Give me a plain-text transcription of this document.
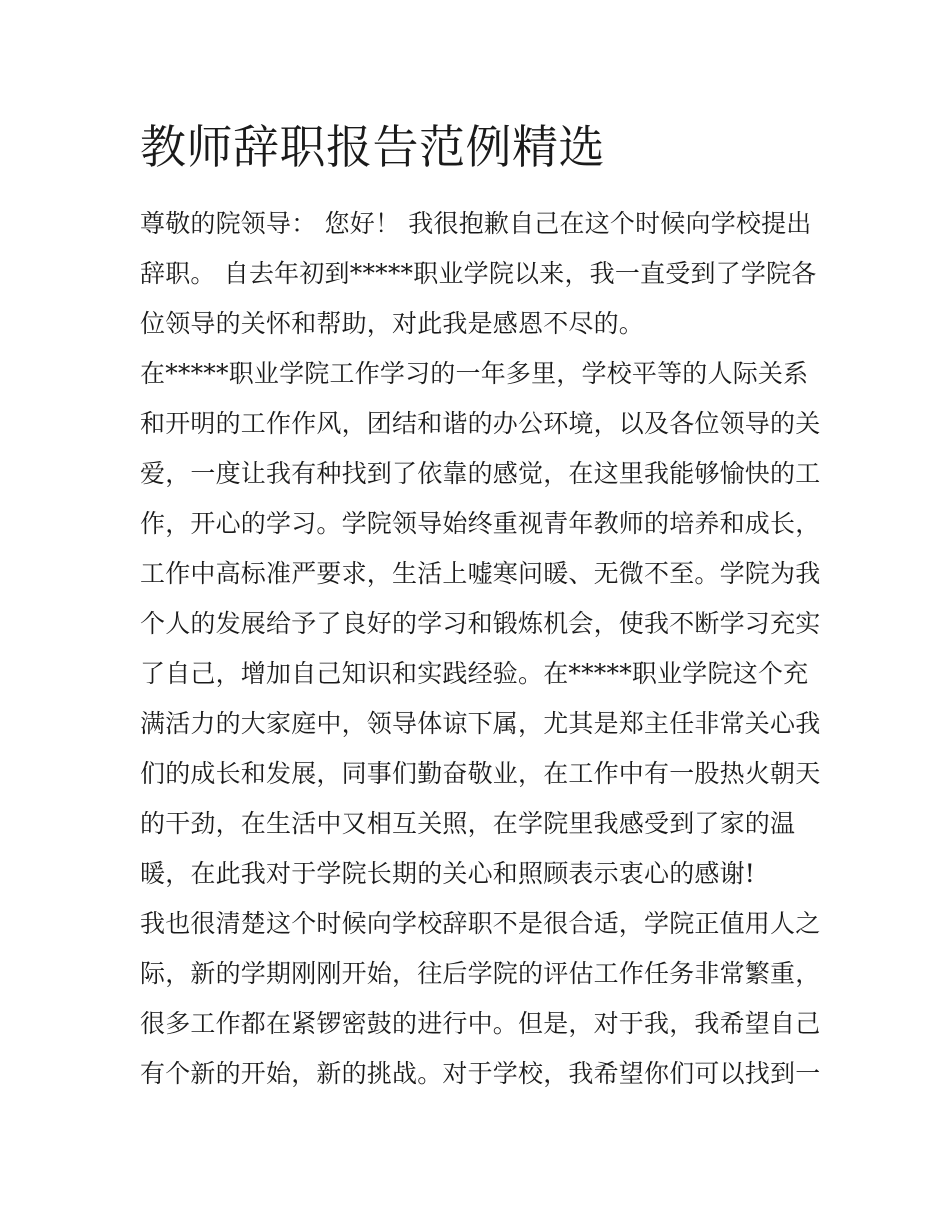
教师辞职报告范例精选

尊敬的院领导： 您好！ 我很抱歉自己在这个时候向学校提出

辞职。 自去年初到*****职业学院以来，我一直受到了学院各

位领导的关怀和帮助，对此我是感恩不尽的。

在*****职业学院工作学习的一年多里，学校平等的人际关系

和开明的工作作风，团结和谐的办公环境，以及各位领导的关

爱，一度让我有种找到了依靠的感觉，在这里我能够愉快的工

作，开心的学习。学院领导始终重视青年教师的培养和成长，

工作中高标准严要求，生活上嘘寒问暖、无微不至。学院为我

个人的发展给予了良好的学习和锻炼机会，使我不断学习充实

了自己，增加自己知识和实践经验。在*****职业学院这个充

满活力的大家庭中，领导体谅下属，尤其是郑主任非常关心我

们的成长和发展，同事们勤奋敬业，在工作中有一股热火朝天

的干劲，在生活中又相互关照，在学院里我感受到了家的温

暖，在此我对于学院长期的关心和照顾表示衷心的感谢!

我也很清楚这个时候向学校辞职不是很合适，学院正值用人之

际，新的学期刚刚开始，往后学院的评估工作任务非常繁重，

很多工作都在紧锣密鼓的进行中。但是，对于我，我希望自己

有个新的开始，新的挑战。对于学校，我希望你们可以找到一
